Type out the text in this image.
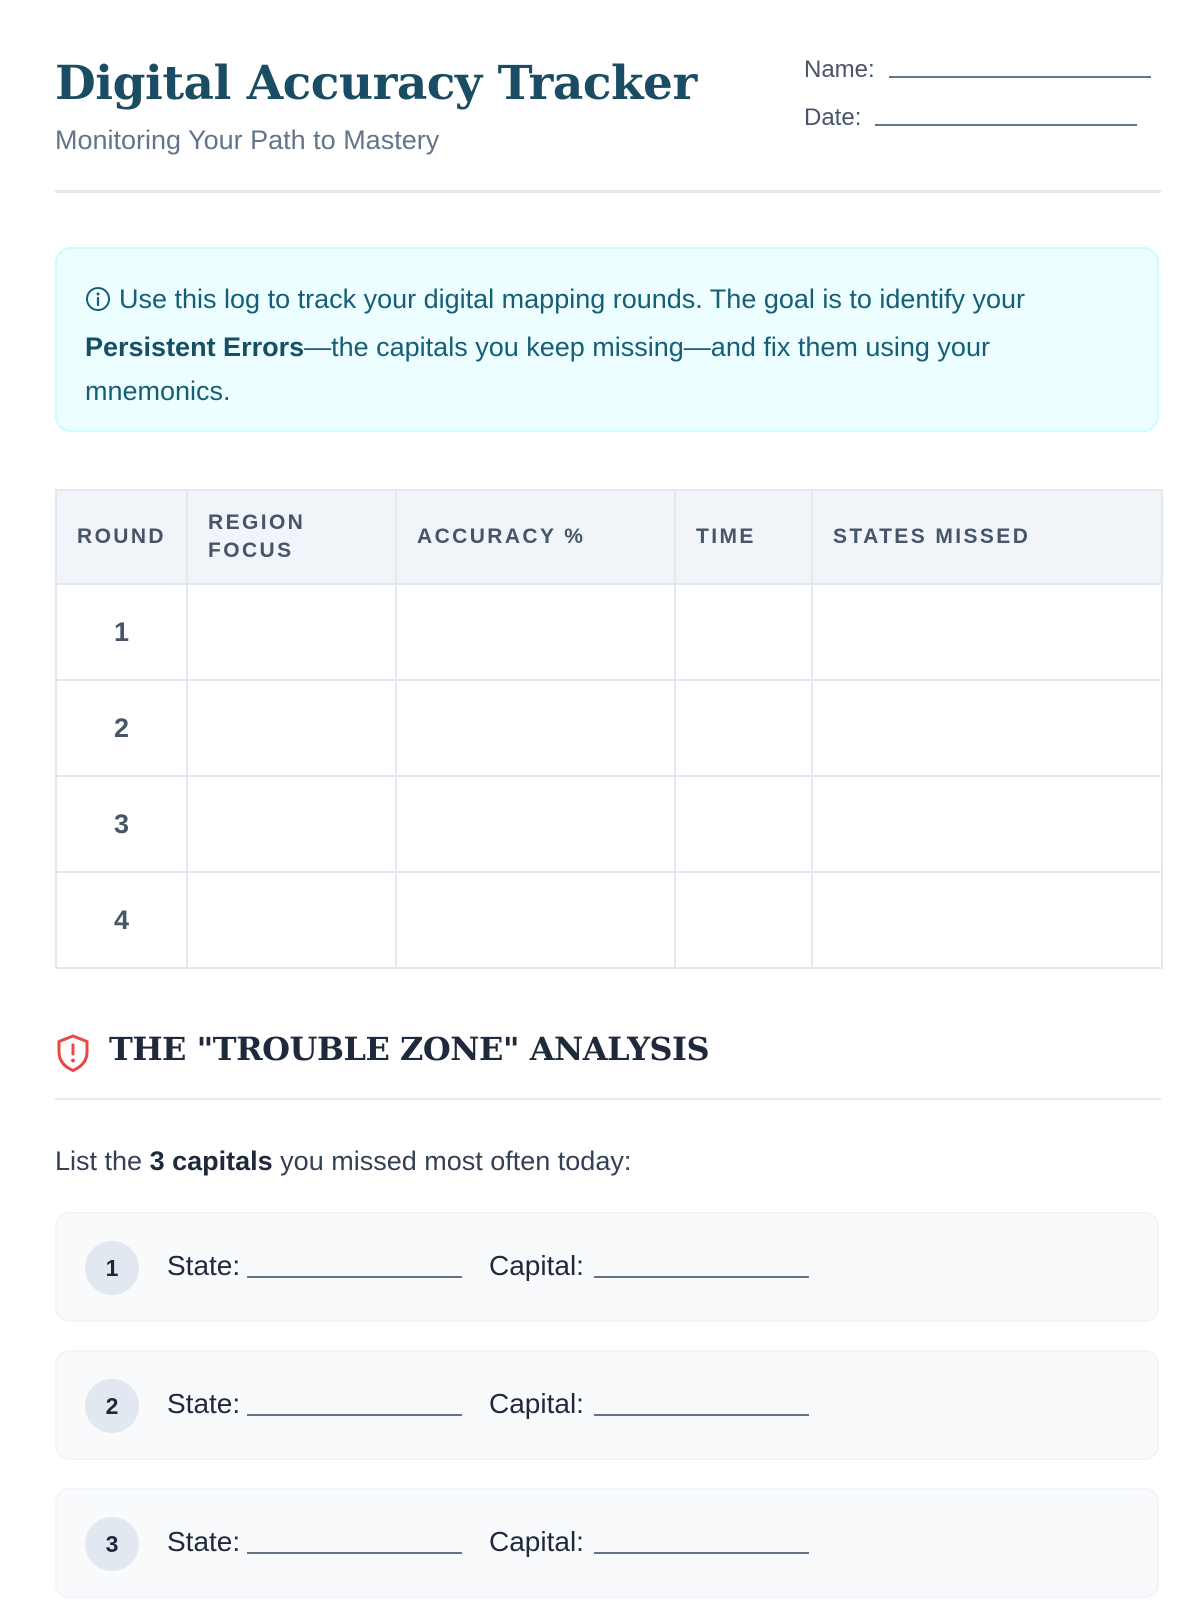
Digital Accuracy Tracker
Monitoring Your Path to Mastery
Name:
Date:

Use this log to track your digital mapping rounds. The goal is to identify your Persistent Errors—the capitals you keep missing—and fix them using your mnemonics.

ROUND	REGION FOCUS	ACCURACY %	TIME	STATES MISSED
1				
2				
3				
4				
THE "TROUBLE ZONE" ANALYSIS
List the 3 capitals you missed most often today:
1	State:	Capital:
2	State:	Capital:
3	State:	Capital:
